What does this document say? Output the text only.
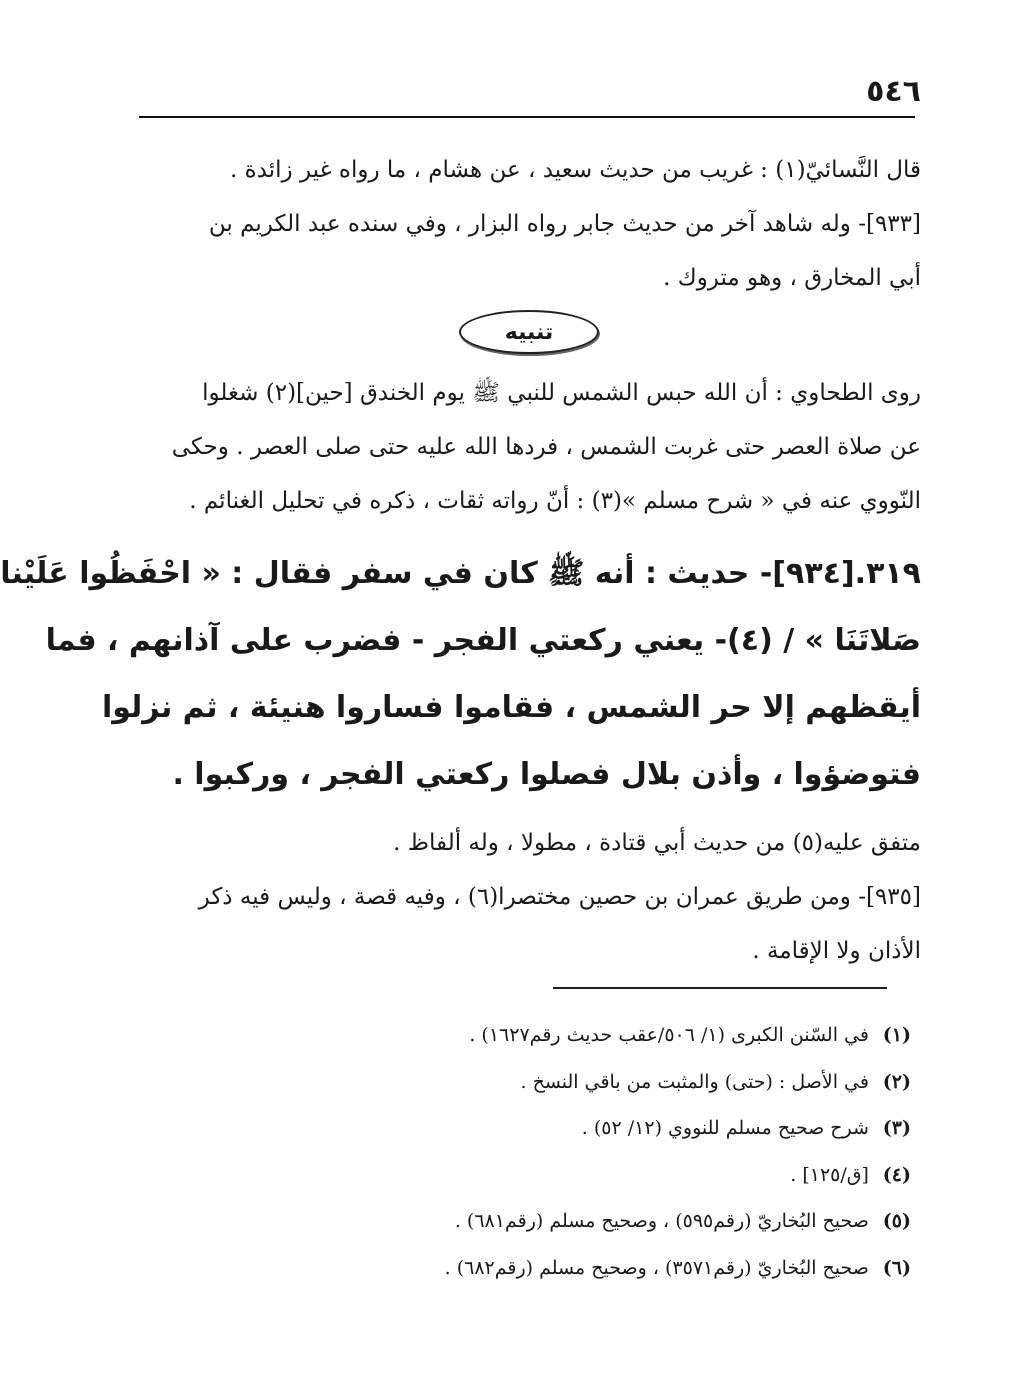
٥٤٦
قال النَّسائيّ(١) : غريب من حديث سعيد ، عن هشام ، ما رواه غير زائدة .
[٩٣٣]- وله شاهد آخر من حديث جابر رواه البزار ، وفي سنده عبد الكريم بن
أبي المخارق ، وهو متروك .
تنبيه
روى الطحاوي : أن الله حبس الشمس للنبي ﷺ يوم الخندق [حين](٢) شغلوا
عن صلاة العصر حتى غربت الشمس ، فردها الله عليه حتى صلى العصر . وحكى
النّووي عنه في « شرح مسلم »(٣) : أنّ رواته ثقات ، ذكره في تحليل الغنائم .
٣١٩.[٩٣٤]- حديث : أنه ﷺ كان في سفر فقال : « احْفَظُوا عَلَيْنا
صَلاتَنَا » / (٤)- يعني ركعتي الفجر - فضرب على آذانهم ، فما
أيقظهم إلا حر الشمس ، فقاموا فساروا هنيئة ، ثم نزلوا
فتوضؤوا ، وأذن بلال فصلوا ركعتي الفجر ، وركبوا .
متفق عليه(٥) من حديث أبي قتادة ، مطولا ، وله ألفاظ .
[٩٣٥]- ومن طريق عمران بن حصين مختصرا(٦) ، وفيه قصة ، وليس فيه ذكر
الأذان ولا الإقامة .
(١) في السّنن الكبرى (١/ ٥٠٦/عقب حديث رقم١٦٢٧) .
(٢) في الأصل : (حتى) والمثبت من باقي النسخ .
(٣) شرح صحيح مسلم للنووي (١٢/ ٥٢) .
(٤) [ق/١٢٥] .
(٥) صحيح البُخاريّ (رقم٥٩٥) ، وصحيح مسلم (رقم٦٨١) .
(٦) صحيح البُخاريّ (رقم٣٥٧١) ، وصحيح مسلم (رقم٦٨٢) .
